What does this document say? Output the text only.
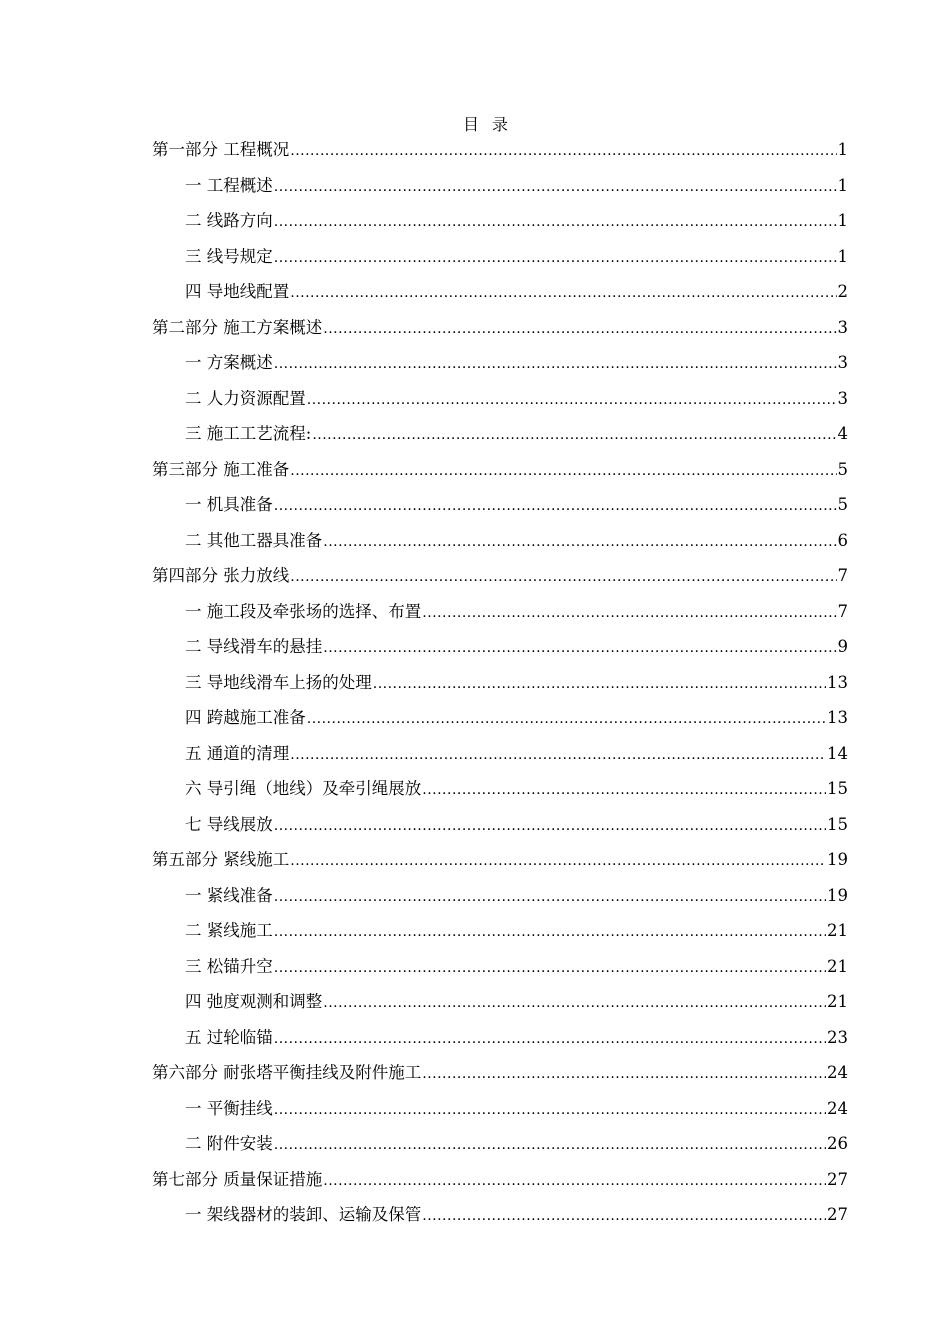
目 录
第一部分 工程概况 .....	1
一 工程概述 .....	1
二 线路方向 .....	1
三 线号规定 .....	1
四 导地线配置 .....	2
第二部分 施工方案概述 .....	3
一 方案概述 .....	3
二 人力资源配置 .....	3
三 施工工艺流程: .....	4
第三部分 施工准备 .....	5
一 机具准备 .....	5
二 其他工器具准备 .....	6
第四部分 张力放线 .....	7
一 施工段及牵张场的选择、布置 .....	7
二 导线滑车的悬挂 .....	9
三 导地线滑车上扬的处理 .....	13
四 跨越施工准备 .....	13
五 通道的清理 .....	14
六 导引绳（地线）及牵引绳展放 .....	15
七 导线展放 .....	15
第五部分 紧线施工 .....	19
一 紧线准备 .....	19
二 紧线施工 .....	21
三 松锚升空 .....	21
四 弛度观测和调整 .....	21
五 过轮临锚 .....	23
第六部分 耐张塔平衡挂线及附件施工 .....	24
一 平衡挂线 .....	24
二 附件安装 .....	26
第七部分 质量保证措施 .....	27
一 架线器材的装卸、运输及保管 .....	27
